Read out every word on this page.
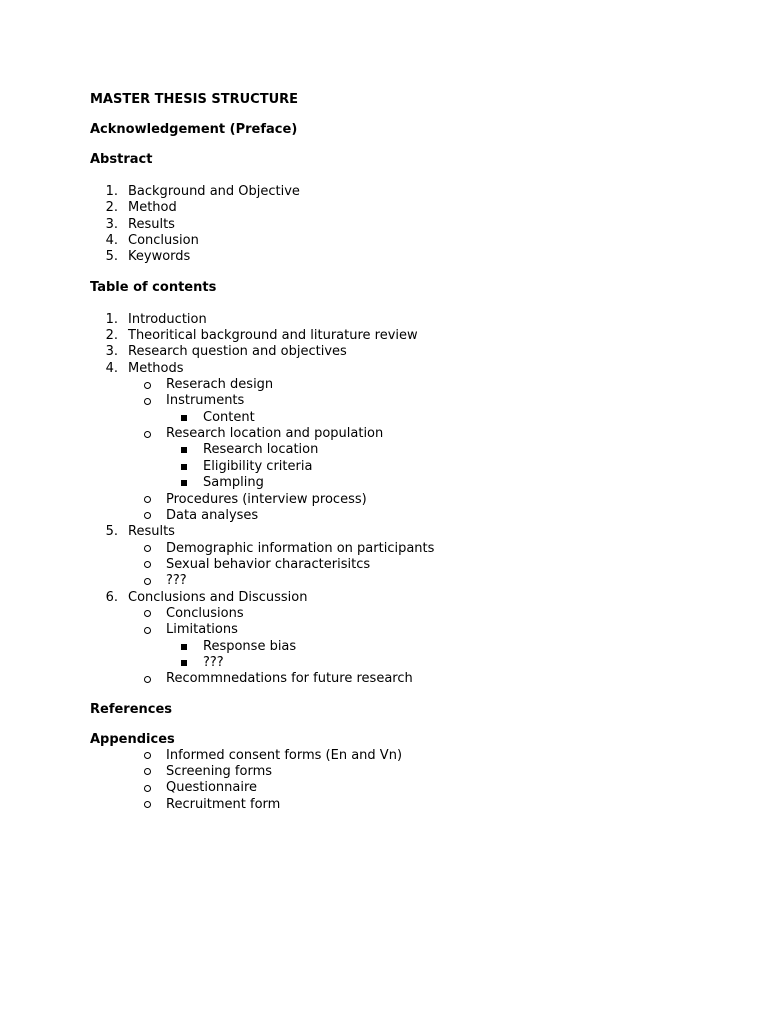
MASTER THESIS STRUCTURE

Acknowledgement (Preface)

Abstract

1. Background and Objective
2. Method
3. Results
4. Conclusion
5. Keywords

Table of contents

1. Introduction
2. Theoritical background and liturature review
3. Research question and objectives
4. Methods
Reserach design
Instruments
Content
Research location and population
Research location
Eligibility criteria
Sampling
Procedures (interview process)
Data analyses
5. Results
Demographic information on participants
Sexual behavior characterisitcs
???
6. Conclusions and Discussion
Conclusions
Limitations
Response bias
???
Recommnedations for future research

References

Appendices

Informed consent forms (En and Vn)
Screening forms
Questionnaire
Recruitment form
